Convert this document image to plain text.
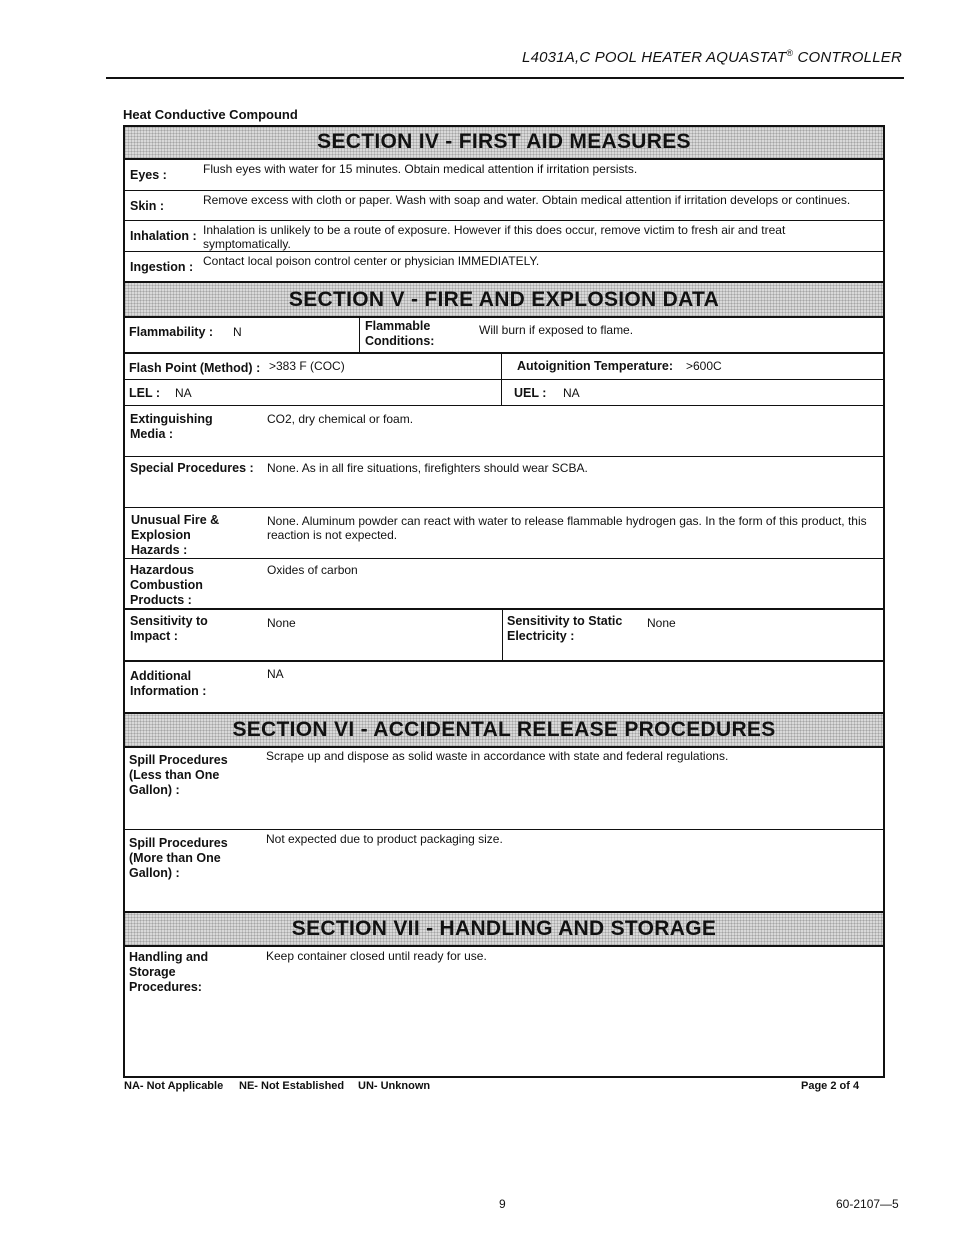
L4031A,C POOL HEATER AQUASTAT® CONTROLLER
Heat Conductive Compound
SECTION IV - FIRST AID MEASURES
Eyes :	Flush eyes with water for 15 minutes. Obtain medical attention if irritation persists.
Skin :	Remove excess with cloth or paper. Wash with soap and water. Obtain medical attention if irritation develops or continues.
Inhalation : Inhalation is unlikely to be a route of exposure. However if this does occur, remove victim to fresh air and treat symptomatically.
Ingestion : Contact local poison control center or physician IMMEDIATELY.
SECTION V - FIRE AND EXPLOSION DATA
Flammability : N	Flammable Conditions:
Will burn if exposed to flame.
Flash Point (Method) : >383 F (COC)	Autoignition Temperature: >600C
LEL : NA	UEL : NA
Extinguishing Media :
CO2, dry chemical or foam.
Special Procedures : None. As in all fire situations, firefighters should wear SCBA.
Unusual Fire & Explosion Hazards :
None. Aluminum powder can react with water to release flammable hydrogen gas. In the form of this product, this reaction is not expected.
Hazardous Combustion Products :
Oxides of carbon
Sensitivity to Impact :
None	Sensitivity to Static Electricity :
None
Additional Information :
NA
SECTION VI - ACCIDENTAL RELEASE PROCEDURES
Spill Procedures (Less than One Gallon) :
Scrape up and dispose as solid waste in accordance with state and federal regulations.
Spill Procedures (More than One Gallon) :
Not expected due to product packaging size.
SECTION VII - HANDLING AND STORAGE
Handling and Storage Procedures:
Keep container closed until ready for use.
NA- Not Applicable NE- Not Established UN- Unknown	Page 2 of 4
9	60-2107—5
